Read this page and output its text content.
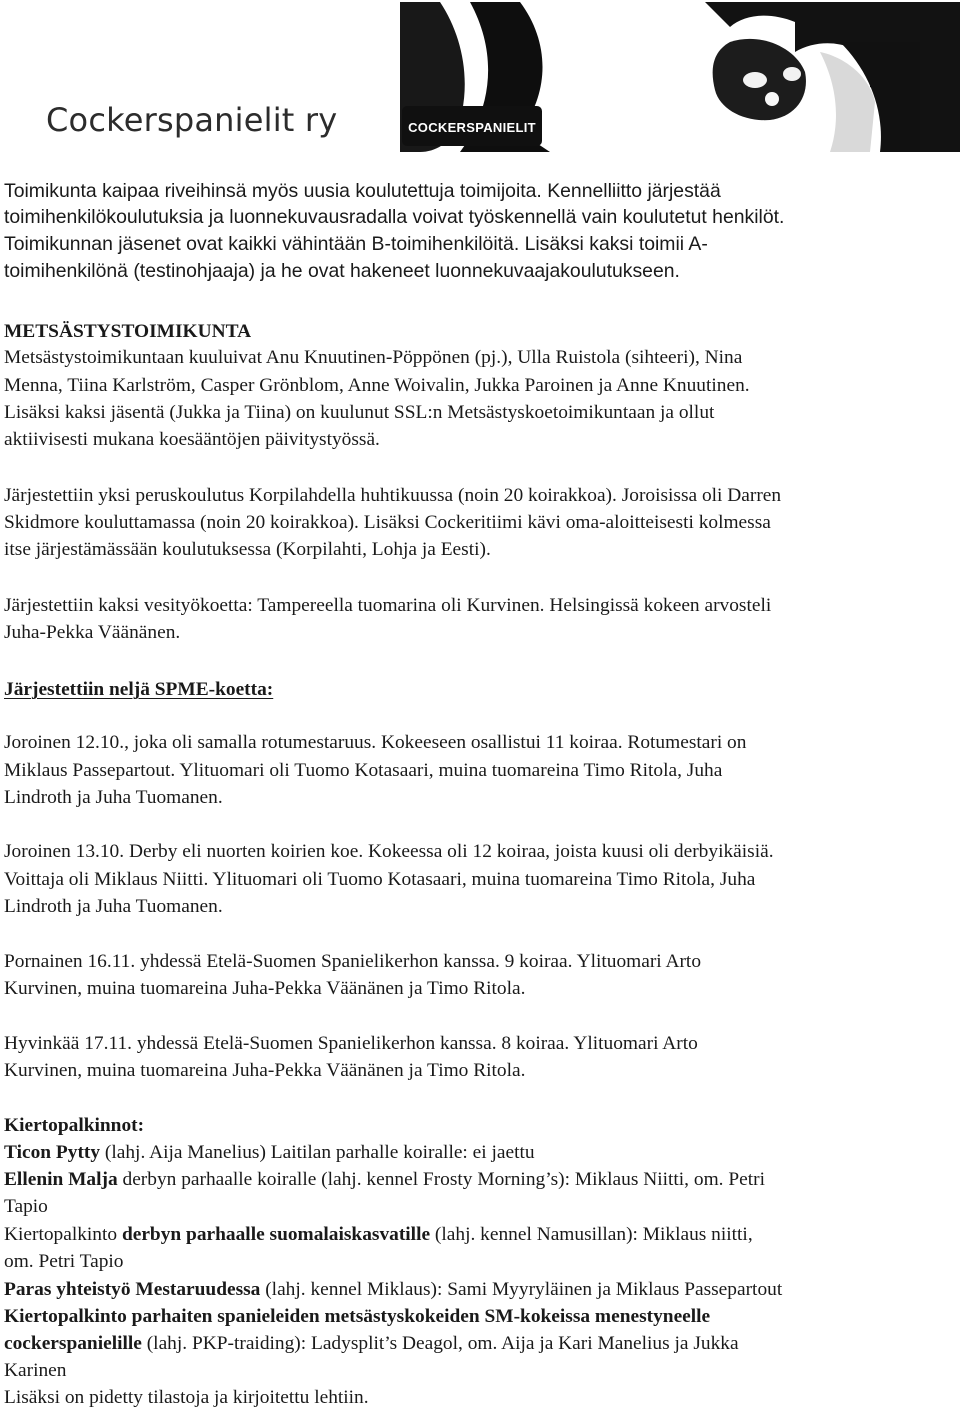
Cockerspanielit ry	COCKERSPANIELIT
Toimikunta kaipaa riveihinsä myös uusia koulutettuja toimijoita. Kennelliitto järjestää
toimihenkilökoulutuksia ja luonnekuvausradalla voivat työskennellä vain koulutetut henkilöt.
Toimikunnan jäsenet ovat kaikki vähintään B-toimihenkilöitä. Lisäksi kaksi toimii A-
toimihenkilönä (testinohjaaja) ja he ovat hakeneet luonnekuvaajakoulutukseen.
METSÄSTYSTOIMIKUNTA
Metsästystoimikuntaan kuuluivat Anu Knuutinen-Pöppönen (pj.), Ulla Ruistola (sihteeri), Nina
Menna, Tiina Karlström, Casper Grönblom, Anne Woivalin, Jukka Paroinen ja Anne Knuutinen.
Lisäksi kaksi jäsentä (Jukka ja Tiina) on kuulunut SSL:n Metsästyskoetoimikuntaan ja ollut
aktiivisesti mukana koesääntöjen päivitystyössä.
Järjestettiin yksi peruskoulutus Korpilahdella huhtikuussa (noin 20 koirakkoa). Joroisissa oli Darren
Skidmore kouluttamassa (noin 20 koirakkoa). Lisäksi Cockeritiimi kävi oma-aloitteisesti kolmessa
itse järjestämässään koulutuksessa (Korpilahti, Lohja ja Eesti).
Järjestettiin kaksi vesityökoetta: Tampereella tuomarina oli Kurvinen. Helsingissä kokeen arvosteli
Juha-Pekka Väänänen.
Järjestettiin neljä SPME-koetta:
Joroinen 12.10., joka oli samalla rotumestaruus. Kokeeseen osallistui 11 koiraa. Rotumestari on
Miklaus Passepartout. Ylituomari oli Tuomo Kotasaari, muina tuomareina Timo Ritola, Juha
Lindroth ja Juha Tuomanen.
Joroinen 13.10. Derby eli nuorten koirien koe. Kokeessa oli 12 koiraa, joista kuusi oli derbyikäisiä.
Voittaja oli Miklaus Niitti. Ylituomari oli Tuomo Kotasaari, muina tuomareina Timo Ritola, Juha
Lindroth ja Juha Tuomanen.
Pornainen 16.11. yhdessä Etelä-Suomen Spanielikerhon kanssa. 9 koiraa. Ylituomari Arto
Kurvinen, muina tuomareina Juha-Pekka Väänänen ja Timo Ritola.
Hyvinkää 17.11. yhdessä Etelä-Suomen Spanielikerhon kanssa. 8 koiraa. Ylituomari Arto
Kurvinen, muina tuomareina Juha-Pekka Väänänen ja Timo Ritola.
Kiertopalkinnot:
Ticon Pytty (lahj. Aija Manelius) Laitilan parhalle koiralle: ei jaettu
Ellenin Malja derbyn parhaalle koiralle (lahj. kennel Frosty Morning’s): Miklaus Niitti, om. Petri
Tapio
Kiertopalkinto derbyn parhaalle suomalaiskasvatille (lahj. kennel Namusillan): Miklaus niitti,
om. Petri Tapio
Paras yhteistyö Mestaruudessa (lahj. kennel Miklaus): Sami Myyryläinen ja Miklaus Passepartout
Kiertopalkinto parhaiten spanieleiden metsästyskokeiden SM-kokeissa menestyneelle
cockerspanielille (lahj. PKP-traiding): Ladysplit’s Deagol, om. Aija ja Kari Manelius ja Jukka
Karinen
Lisäksi on pidetty tilastoja ja kirjoitettu lehtiin.
